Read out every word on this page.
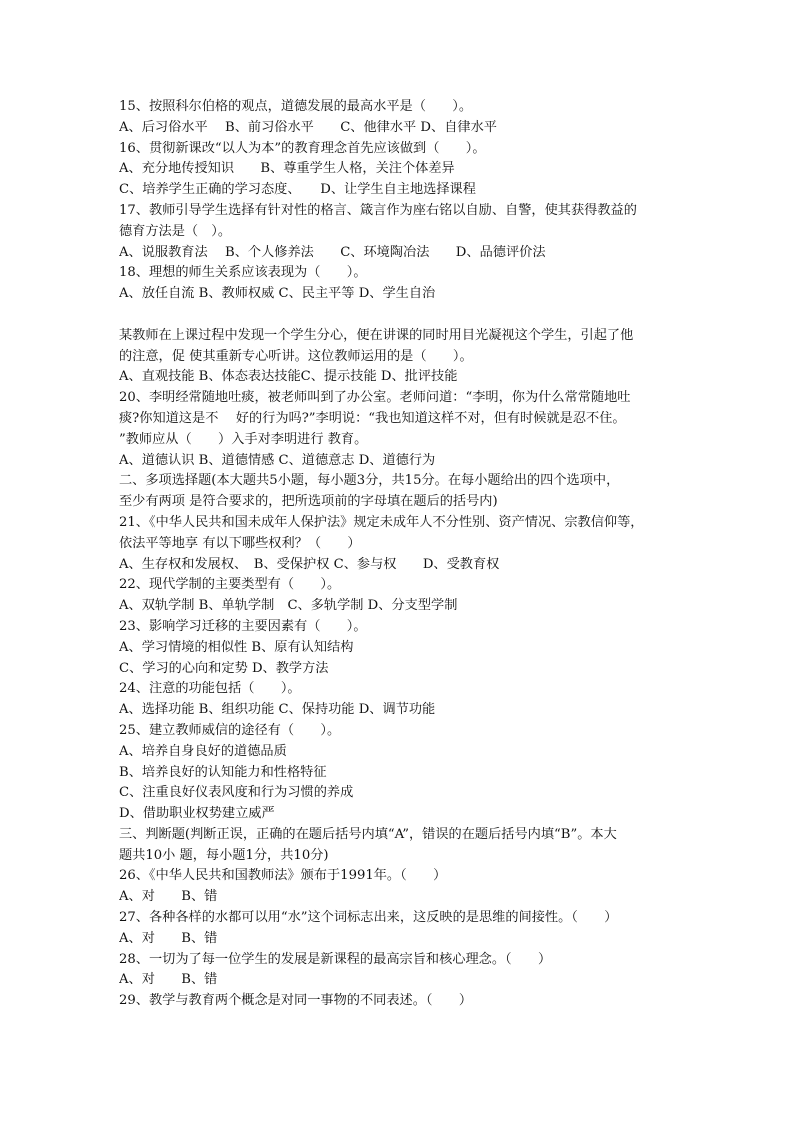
15、按照科尔伯格的观点，道德发展的最高水平是（　　）。
A、后习俗水平　 B、前习俗水平　　C、他律水平 D、自律水平
16、贯彻新课改“以人为本”的教育理念首先应该做到（　　）。
A、充分地传授知识　　B、尊重学生人格，关注个体差异
C、培养学生正确的学习态度、　　D、让学生自主地选择课程
17、教师引导学生选择有针对性的格言、箴言作为座右铭以自励、自警，使其获得教益的
德育方法是（　）。
A、说服教育法　 B、个人修养法　　C、环境陶冶法　　D、品德评价法
18、理想的师生关系应该表现为（　　）。
A、放任自流 B、教师权威 C、民主平等 D、学生自治
某教师在上课过程中发现一个学生分心，便在讲课的同时用目光凝视这个学生，引起了他
的注意，促 使其重新专心听讲。这位教师运用的是（　　）。
A、直观技能 B、体态表达技能C、提示技能 D、批评技能
20、李明经常随地吐痰，被老师叫到了办公室。老师问道：“李明，你为什么常常随地吐
痰?你知道这是不　 好的行为吗?”李明说：“我也知道这样不对，但有时候就是忍不住。
”教师应从（　　）入手对李明进行 教育。
A、道德认识 B、道德情感 C、道德意志 D、道德行为
二、多项选择题(本大题共5小题，每小题3分，共15分。在每小题给出的四个选项中，
至少有两项 是符合要求的，把所选项前的字母填在题后的括号内)
21、《中华人民共和国未成年人保护法》规定未成年人不分性别、资产情况、宗教信仰等，
依法平等地享 有以下哪些权利？（　　）
A、生存权和发展权、　B、受保护权 C、参与权　　D、受教育权
22、现代学制的主要类型有（　　）。
A、双轨学制 B、单轨学制　C、多轨学制 D、分支型学制
23、影响学习迁移的主要因素有（　　）。
A、学习情境的相似性 B、原有认知结构
C、学习的心向和定势 D、教学方法
24、注意的功能包括（　　）。
A、选择功能 B、组织功能 C、保持功能 D、调节功能
25、建立教师威信的途径有（　　）。
A、培养自身良好的道德品质
B、培养良好的认知能力和性格特征
C、注重良好仪表风度和行为习惯的养成
D、借助职业权势建立威严
三、判断题(判断正误，正确的在题后括号内填“A”，错误的在题后括号内填“B”。本大
题共10小 题，每小题1分，共10分)
26、《中华人民共和国教师法》颁布于1991年。（　　）
A、对　　B、错
27、各种各样的水都可以用“水”这个词标志出来，这反映的是思维的间接性。（　　）
A、对　　B、错
28、一切为了每一位学生的发展是新课程的最高宗旨和核心理念。（　　）
A、对　　B、错
29、教学与教育两个概念是对同一事物的不同表述。（　　）
